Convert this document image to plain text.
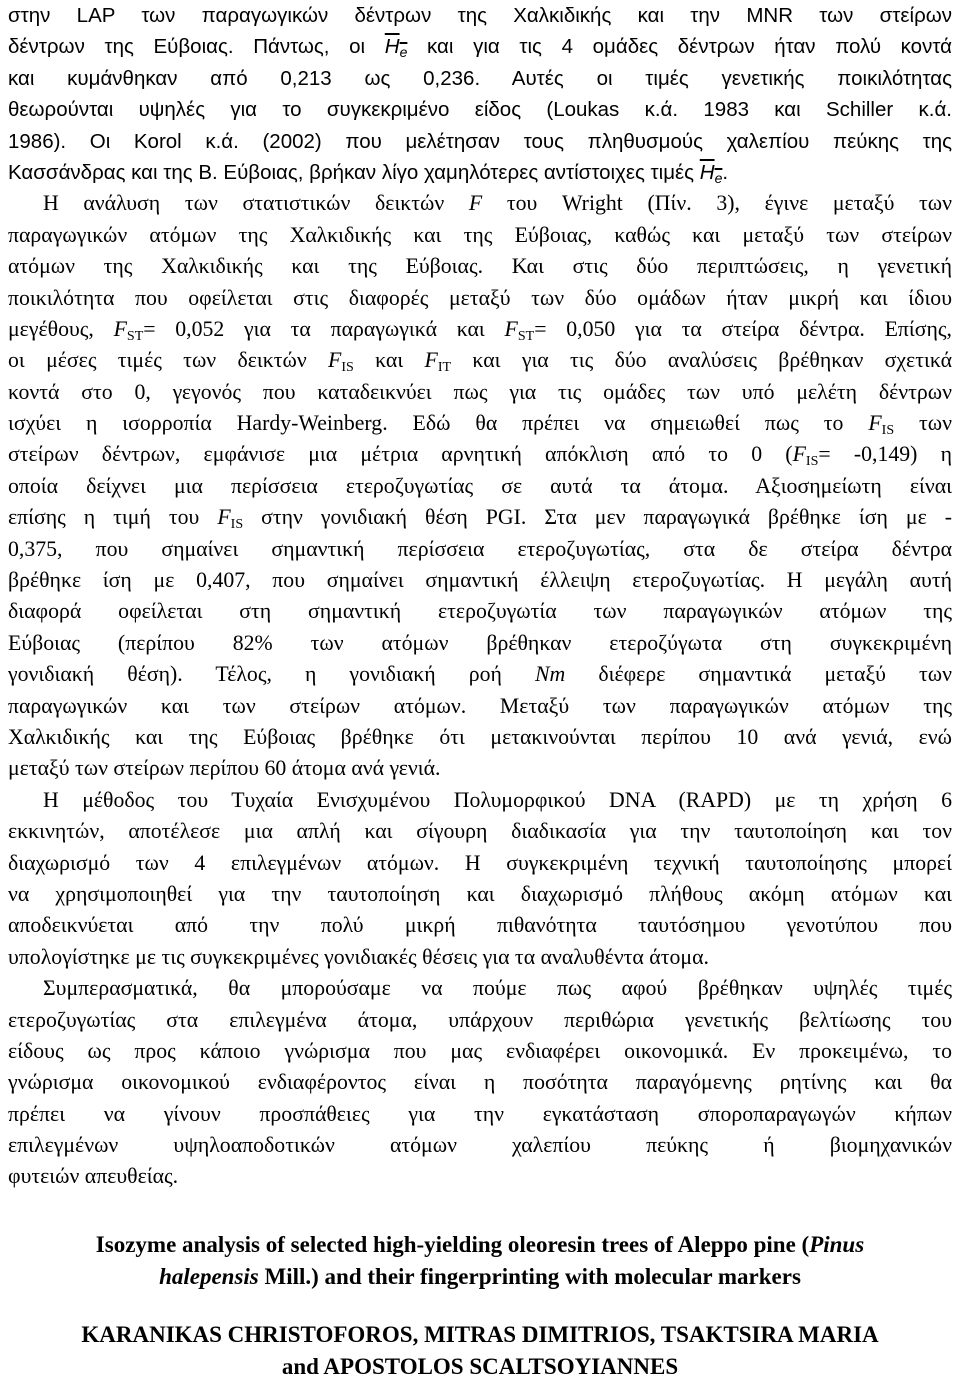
στην LAP των παραγωγικών δέντρων της Χαλκιδικής και την MNR των στείρων
δέντρων της Εύβοιας. Πάντως, οι $H_e$ και για τις 4 ομάδες δέντρων ήταν πολύ κοντά
και κυμάνθηκαν από 0,213 ως 0,236. Αυτές οι τιμές γενετικής ποικιλότητας
θεωρούνται υψηλές για το συγκεκριμένο είδος (Loukas κ.ά. 1983 και Schiller κ.ά.
1986). Οι Korol κ.ά. (2002) που μελέτησαν τους πληθυσμούς χαλεπίου πεύκης της
Κασσάνδρας και της Β. Εύβοιας, βρήκαν λίγο χαμηλότερες αντίστοιχες τιμές $H_e$.
Η ανάλυση των στατιστικών δεικτών F του Wright (Πίν. 3), έγινε μεταξύ των
παραγωγικών ατόμων της Χαλκιδικής και της Εύβοιας, καθώς και μεταξύ των στείρων
ατόμων της Χαλκιδικής και της Εύβοιας. Και στις δύο περιπτώσεις, η γενετική
ποικιλότητα που οφείλεται στις διαφορές μεταξύ των δύο ομάδων ήταν μικρή και ίδιου
μεγέθους, $F_{ST}= 0,052$ για τα παραγωγικά και $F_{ST}= 0,050$ για τα στείρα δέντρα. Επίσης,
οι μέσες τιμές των δεικτών $F_{IS}$ και $F_{IT}$ και για τις δύο αναλύσεις βρέθηκαν σχετικά
κοντά στο 0, γεγονός που καταδεικνύει πως για τις ομάδες των υπό μελέτη δέντρων
ισχύει η ισορροπία Hardy-Weinberg. Εδώ θα πρέπει να σημειωθεί πως το $F_{IS}$ των
στείρων δέντρων, εμφάνισε μια μέτρια αρνητική απόκλιση από το 0 $(F_{IS}= -0,149)$ η
οποία δείχνει μια περίσσεια ετεροζυγωτίας σε αυτά τα άτομα. Αξιοσημείωτη είναι
επίσης η τιμή του $F_{IS}$ στην γονιδιακή θέση PGI. Στα μεν παραγωγικά βρέθηκε ίση με -
0,375, που σημαίνει σημαντική περίσσεια ετεροζυγωτίας, στα δε στείρα δέντρα
βρέθηκε ίση με 0,407, που σημαίνει σημαντική έλλειψη ετεροζυγωτίας. Η μεγάλη αυτή
διαφορά οφείλεται στη σημαντική ετεροζυγωτία των παραγωγικών ατόμων της
Εύβοιας (περίπου 82% των ατόμων βρέθηκαν ετεροζύγωτα στη συγκεκριμένη
γονιδιακή θέση). Τέλος, η γονιδιακή ροή Nm διέφερε σημαντικά μεταξύ των
παραγωγικών και των στείρων ατόμων. Μεταξύ των παραγωγικών ατόμων της
Χαλκιδικής και της Εύβοιας βρέθηκε ότι μετακινούνται περίπου 10 ανά γενιά, ενώ
μεταξύ των στείρων περίπου 60 άτομα ανά γενιά.
Η μέθοδος του Τυχαία Ενισχυμένου Πολυμορφικού DNA (RAPD) με τη χρήση 6
εκκινητών, αποτέλεσε μια απλή και σίγουρη διαδικασία για την ταυτοποίηση και τον
διαχωρισμό των 4 επιλεγμένων ατόμων. Η συγκεκριμένη τεχνική ταυτοποίησης μπορεί
να χρησιμοποιηθεί για την ταυτοποίηση και διαχωρισμό πλήθους ακόμη ατόμων και
αποδεικνύεται από την πολύ μικρή πιθανότητα ταυτόσημου γενοτύπου που
υπολογίστηκε με τις συγκεκριμένες γονιδιακές θέσεις για τα αναλυθέντα άτομα.
Συμπερασματικά, θα μπορούσαμε να πούμε πως αφού βρέθηκαν υψηλές τιμές
ετεροζυγωτίας στα επιλεγμένα άτομα, υπάρχουν περιθώρια γενετικής βελτίωσης του
είδους ως προς κάποιο γνώρισμα που μας ενδιαφέρει οικονομικά. Εν προκειμένω, το
γνώρισμα οικονομικού ενδιαφέροντος είναι η ποσότητα παραγόμενης ρητίνης και θα
πρέπει να γίνουν προσπάθειες για την εγκατάσταση σποροπαραγωγών κήπων
επιλεγμένων υψηλοαποδοτικών ατόμων χαλεπίου πεύκης ή βιομηχανικών
φυτειών απευθείας.
Isozyme analysis of selected high-yielding oleoresin trees of Aleppo pine (Pinus
halepensis Mill.) and their fingerprinting with molecular markers
KARANIKAS CHRISTOFOROS, MITRAS DIMITRIOS, TSAKTSIRA MARIA
and APOSTOLOS SCALTSOYIANNES
